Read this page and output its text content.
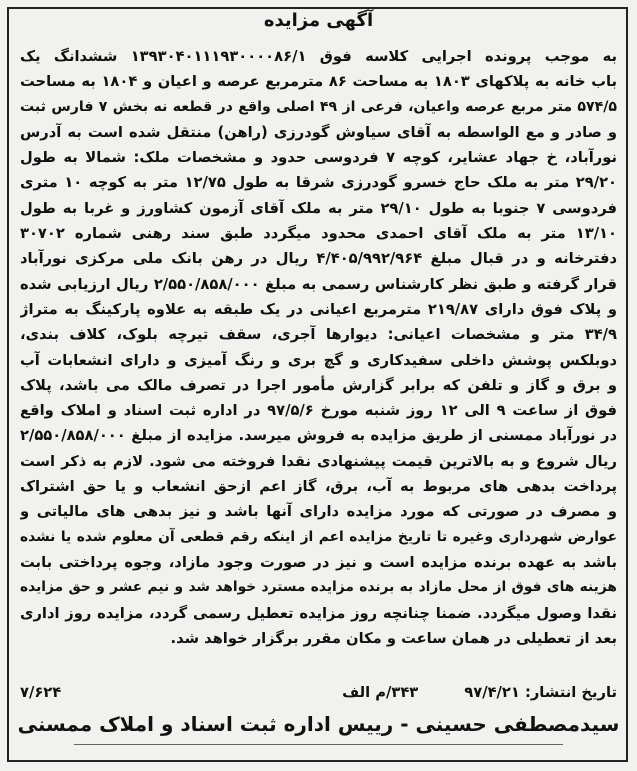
آگهی مزایده
به موجب پرونده اجرایی کلاسه فوق ۱۳۹۳۰۴۰۱۱۱۹۳۰۰۰۰۸۶/۱ ششدانگ یک
باب خانه به پلاکهای ۱۸۰۳ به مساحت ۸۶ مترمربع عرصه و اعیان و ۱۸۰۴ به مساحت
۵۷۴/۵ متر مربع عرصه واعیان، فرعی از ۴۹ اصلی واقع در قطعه نه بخش ۷ فارس ثبت
و صادر و مع الواسطه به آقای سیاوش گودرزی (راهن) منتقل شده است به آدرس
نورآباد، خ جهاد عشایر، کوچه ۷ فردوسی حدود و مشخصات ملک: شمالا به طول
۲۹/۲۰ متر به ملک حاج خسرو گودرزی شرقا به طول ۱۲/۷۵ متر به کوچه ۱۰ متری
فردوسی ۷ جنوبا به طول ۲۹/۱۰ متر به ملک آقای آزمون کشاورز و غربا به طول
۱۳/۱۰ متر به ملک آقای احمدی محدود میگردد طبق سند رهنی شماره ۳۰۷۰۲
دفترخانه و در قبال مبلغ ۴/۴۰۵/۹۹۲/۹۶۴ ریال در رهن بانک ملی مرکزی نورآباد
قرار گرفته و طبق نظر کارشناس رسمی به مبلغ ۲/۵۵۰/۸۵۸/۰۰۰ ریال ارزیابی شده
و پلاک فوق دارای ۲۱۹/۸۷ مترمربع اعیانی در یک طبقه به علاوه پارکینگ به متراژ
۳۴/۹ متر و مشخصات اعیانی: دیوارها آجری، سقف تیرچه بلوک، کلاف بندی،
دوبلکس پوشش داخلی سفیدکاری و گچ بری و رنگ آمیزی و دارای انشعابات آب
و برق و گاز و تلفن که برابر گزارش مأمور اجرا در تصرف مالک می باشد، پلاک
فوق از ساعت ۹ الی ۱۲ روز شنبه مورخ ۹۷/۵/۶ در اداره ثبت اسناد و املاک واقع
در نورآباد ممسنی از طریق مزایده به فروش میرسد. مزایده از مبلغ ۲/۵۵۰/۸۵۸/۰۰۰
ریال شروع و به بالاترین قیمت پیشنهادی نقدا فروخته می شود. لازم به ذکر است
پرداخت بدهی های مربوط به آب، برق، گاز اعم ازحق انشعاب و یا حق اشتراک
و مصرف در صورتی که مورد مزایده دارای آنها باشد و نیز بدهی های مالیاتی و
عوارض شهرداری وغیره تا تاریخ مزایده اعم از اینکه رقم قطعی آن معلوم شده یا نشده
باشد به عهده برنده مزایده است و نیز در صورت وجود مازاد، وجوه پرداختی بابت
هزینه های فوق از محل مازاد به برنده مزایده مسترد خواهد شد و نیم عشر و حق مزایده
نقدا وصول میگردد. ضمنا چنانچه روز مزایده تعطیل رسمی گردد، مزایده روز اداری
بعد از تعطیلی در همان ساعت و مکان مقرر برگزار خواهد شد.
تاریخ انتشار: ۹۷/۴/۲۱
۳۴۳/م الف
۷/۶۲۴
سیدمصطفی حسینی - رییس اداره ثبت اسناد و املاک ممسنی
